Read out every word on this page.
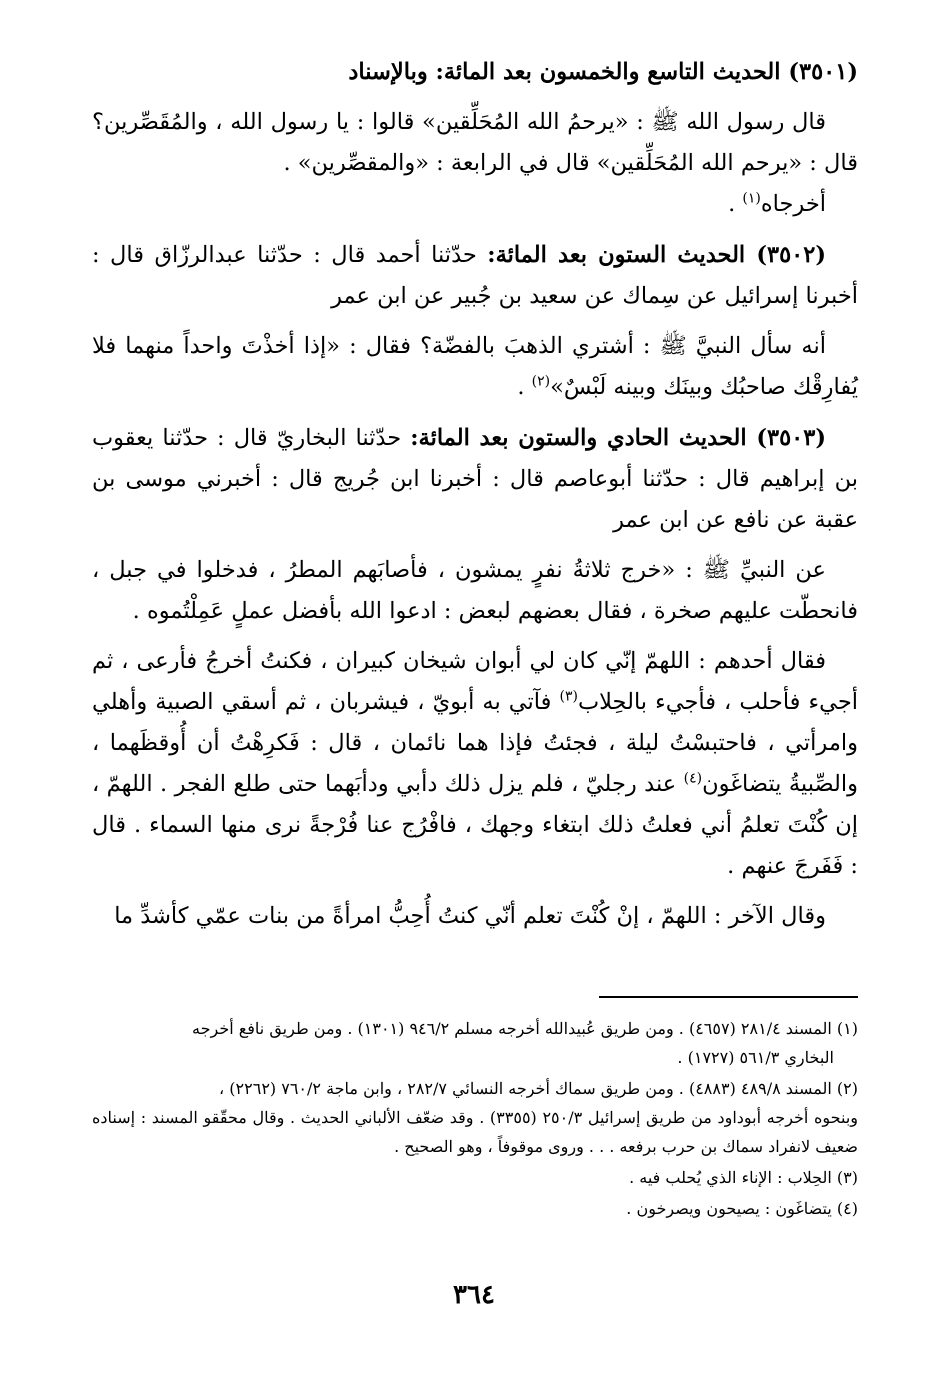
(٣٥٠١) الحديث التاسع والخمسون بعد المائة: وبالإسناد

قال رسول الله ﷺ : «يرحمُ الله المُحَلِّقين» قالوا : يا رسول الله ، والمُقَصِّرين؟ قال : «يرحم الله المُحَلِّقين» قال في الرابعة : «والمقصِّرين» .

أخرجاه$^{(١)}$ .

(٣٥٠٢) الحديث الستون بعد المائة: حدّثنا أحمد قال : حدّثنا عبدالرزّاق قال : أخبرنا إسرائيل عن سِماك عن سعيد بن جُبير عن ابن عمر

أنه سأل النبيَّ ﷺ : أشتري الذهبَ بالفضّة؟ فقال : «إذا أخذْتَ واحداً منهما فلا يُفارِقْك صاحبُك وبينَك وبينه لَبْسٌ»$^{(٢)}$ .

(٣٥٠٣) الحديث الحادي والستون بعد المائة: حدّثنا البخاريّ قال : حدّثنا يعقوب بن إبراهيم قال : حدّثنا أبوعاصم قال : أخبرنا ابن جُريج قال : أخبرني موسى بن عقبة عن نافع عن ابن عمر

عن النبيِّ ﷺ : «خرج ثلاثةُ نفرٍ يمشون ، فأصابَهم المطرُ ، فدخلوا في جبل ، فانحطّت عليهم صخرة ، فقال بعضهم لبعض : ادعوا الله بأفضل عملٍ عَمِلْتُموه .

فقال أحدهم : اللهمّ إنّي كان لي أبوان شيخان كبيران ، فكنتُ أخرجُ فأرعى ، ثم أجيء فأحلب ، فأجيء بالحِلاب$^{(٣)}$ فآتي به أبويّ ، فيشربان ، ثم أسقي الصبية وأهلي وامرأتي ، فاحتبسْتُ ليلة ، فجئتُ فإذا هما نائمان ، قال : فَكرِهْتُ أن أُوقظَهما ، والصِّبيةُ يتضاغَون$^{(٤)}$ عند رجليّ ، فلم يزل ذلك دأبي ودأبَهما حتى طلع الفجر . اللهمّ ، إن كُنْتَ تعلمُ أني فعلتُ ذلك ابتغاء وجهك ، فافْرُج عنا فُرْجةً نرى منها السماء . قال : فَفَرجَ عنهم .

وقال الآخر : اللهمّ ، إنْ كُنْتَ تعلم أنّي كنتُ أُحِبُّ امرأةً من بنات عمّي كأشدِّ ما

(١) المسند ٢٨١/٤ (٤٦٥٧) . ومن طريق عُبيدالله أخرجه مسلم ٩٤٦/٢ (١٣٠١) . ومن طريق نافع أخرجه
البخاري ٥٦١/٣ (١٧٢٧) .

(٢) المسند ٤٨٩/٨ (٤٨٨٣) . ومن طريق سماك أخرجه النسائي ٢٨٢/٧ ، وابن ماجة ٧٦٠/٢ (٢٢٦٢) ،
وبنحوه أخرجه أبوداود من طريق إسرائيل ٢٥٠/٣ (٣٣٥٥) . وقد ضعّف الألباني الحديث . وقال محقّقو المسند : إسناده ضعيف لانفراد سماك بن حرب برفعه . . . وروى موقوفاً ، وهو الصحيح .

(٣) الحِلاب : الإناء الذي يُحلب فيه .

(٤) يتضاغَون : يصيحون ويصرخون .

٣٦٤
